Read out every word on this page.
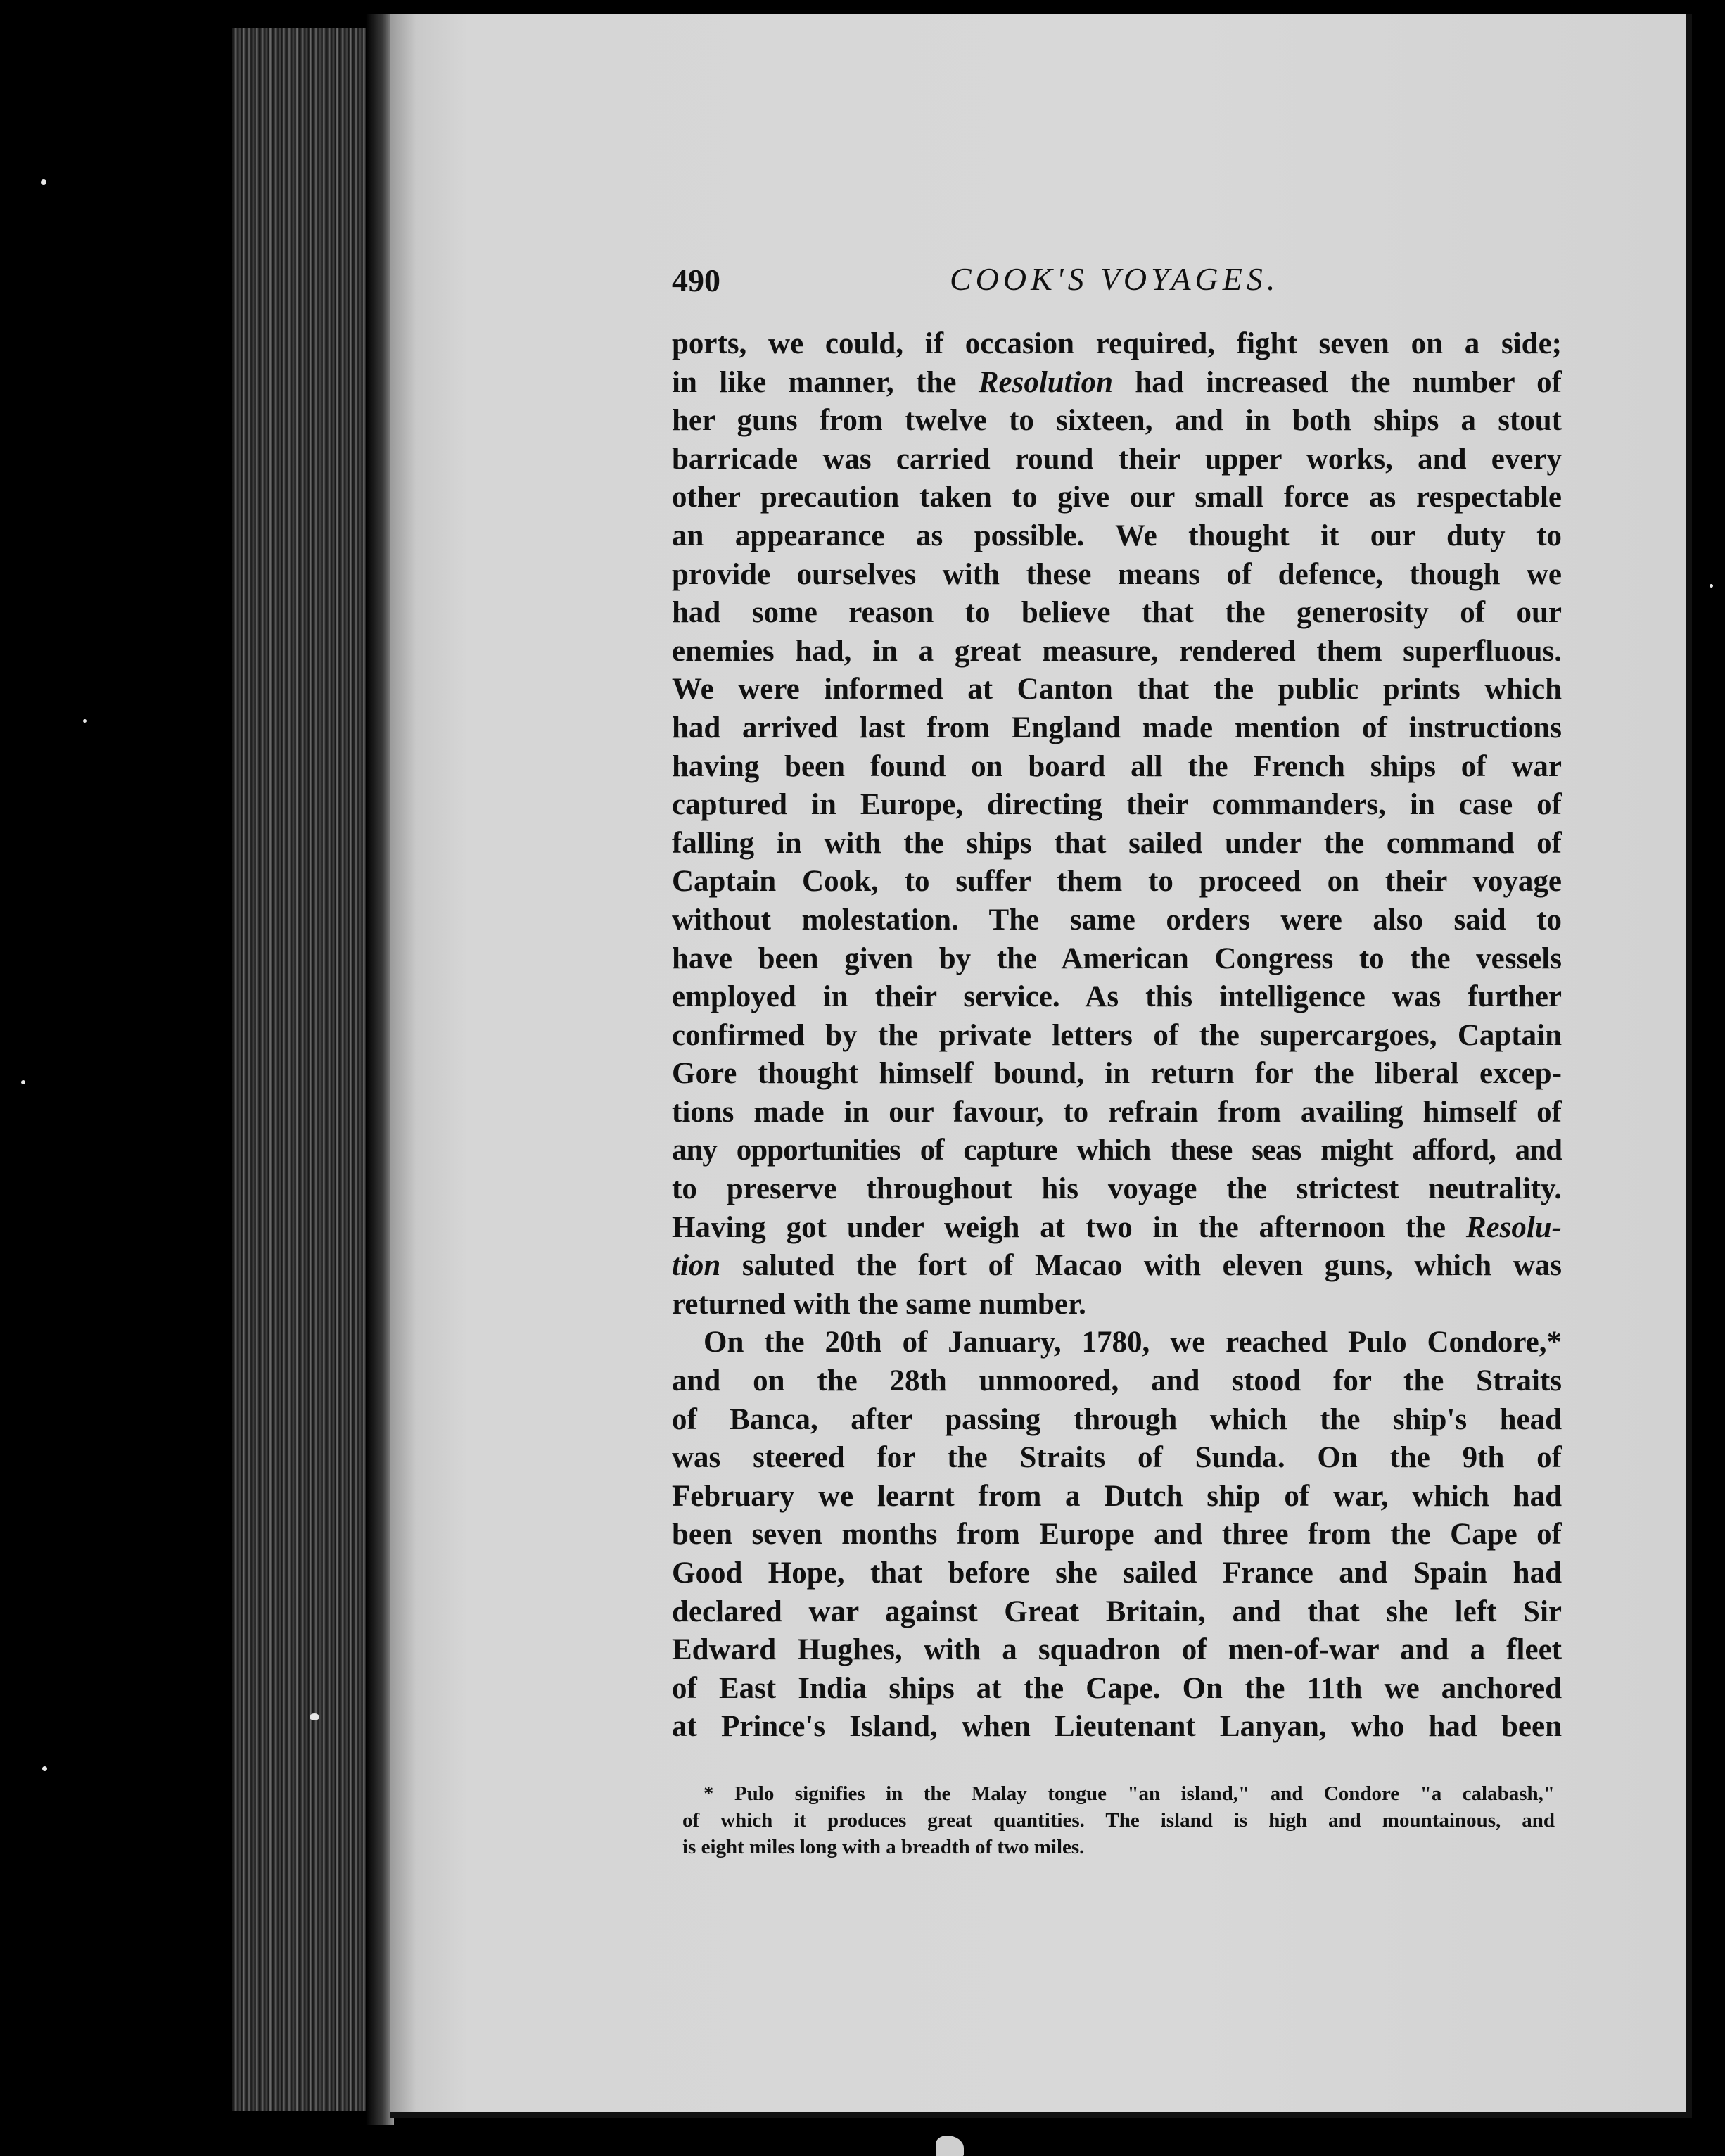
490	COOK'S VOYAGES.
ports, we could, if occasion required, fight seven on a side;
in like manner, the Resolution had increased the number of
her guns from twelve to sixteen, and in both ships a stout
barricade was carried round their upper works, and every
other precaution taken to give our small force as respectable
an appearance as possible. We thought it our duty to
provide ourselves with these means of defence, though we
had some reason to believe that the generosity of our
enemies had, in a great measure, rendered them superfluous.
We were informed at Canton that the public prints which
had arrived last from England made mention of instructions
having been found on board all the French ships of war
captured in Europe, directing their commanders, in case of
falling in with the ships that sailed under the command of
Captain Cook, to suffer them to proceed on their voyage
without molestation. The same orders were also said to
have been given by the American Congress to the vessels
employed in their service. As this intelligence was further
confirmed by the private letters of the supercargoes, Captain
Gore thought himself bound, in return for the liberal excep-
tions made in our favour, to refrain from availing himself of
any opportunities of capture which these seas might afford, and
to preserve throughout his voyage the strictest neutrality.
Having got under weigh at two in the afternoon the Resolu-
tion saluted the fort of Macao with eleven guns, which was
returned with the same number.
On the 20th of January, 1780, we reached Pulo Condore,*
and on the 28th unmoored, and stood for the Straits
of Banca, after passing through which the ship's head
was steered for the Straits of Sunda. On the 9th of
February we learnt from a Dutch ship of war, which had
been seven months from Europe and three from the Cape of
Good Hope, that before she sailed France and Spain had
declared war against Great Britain, and that she left Sir
Edward Hughes, with a squadron of men-of-war and a fleet
of East India ships at the Cape. On the 11th we anchored
at Prince's Island, when Lieutenant Lanyan, who had been
* Pulo signifies in the Malay tongue "an island," and Condore "a calabash,"
of which it produces great quantities. The island is high and mountainous, and
is eight miles long with a breadth of two miles.
